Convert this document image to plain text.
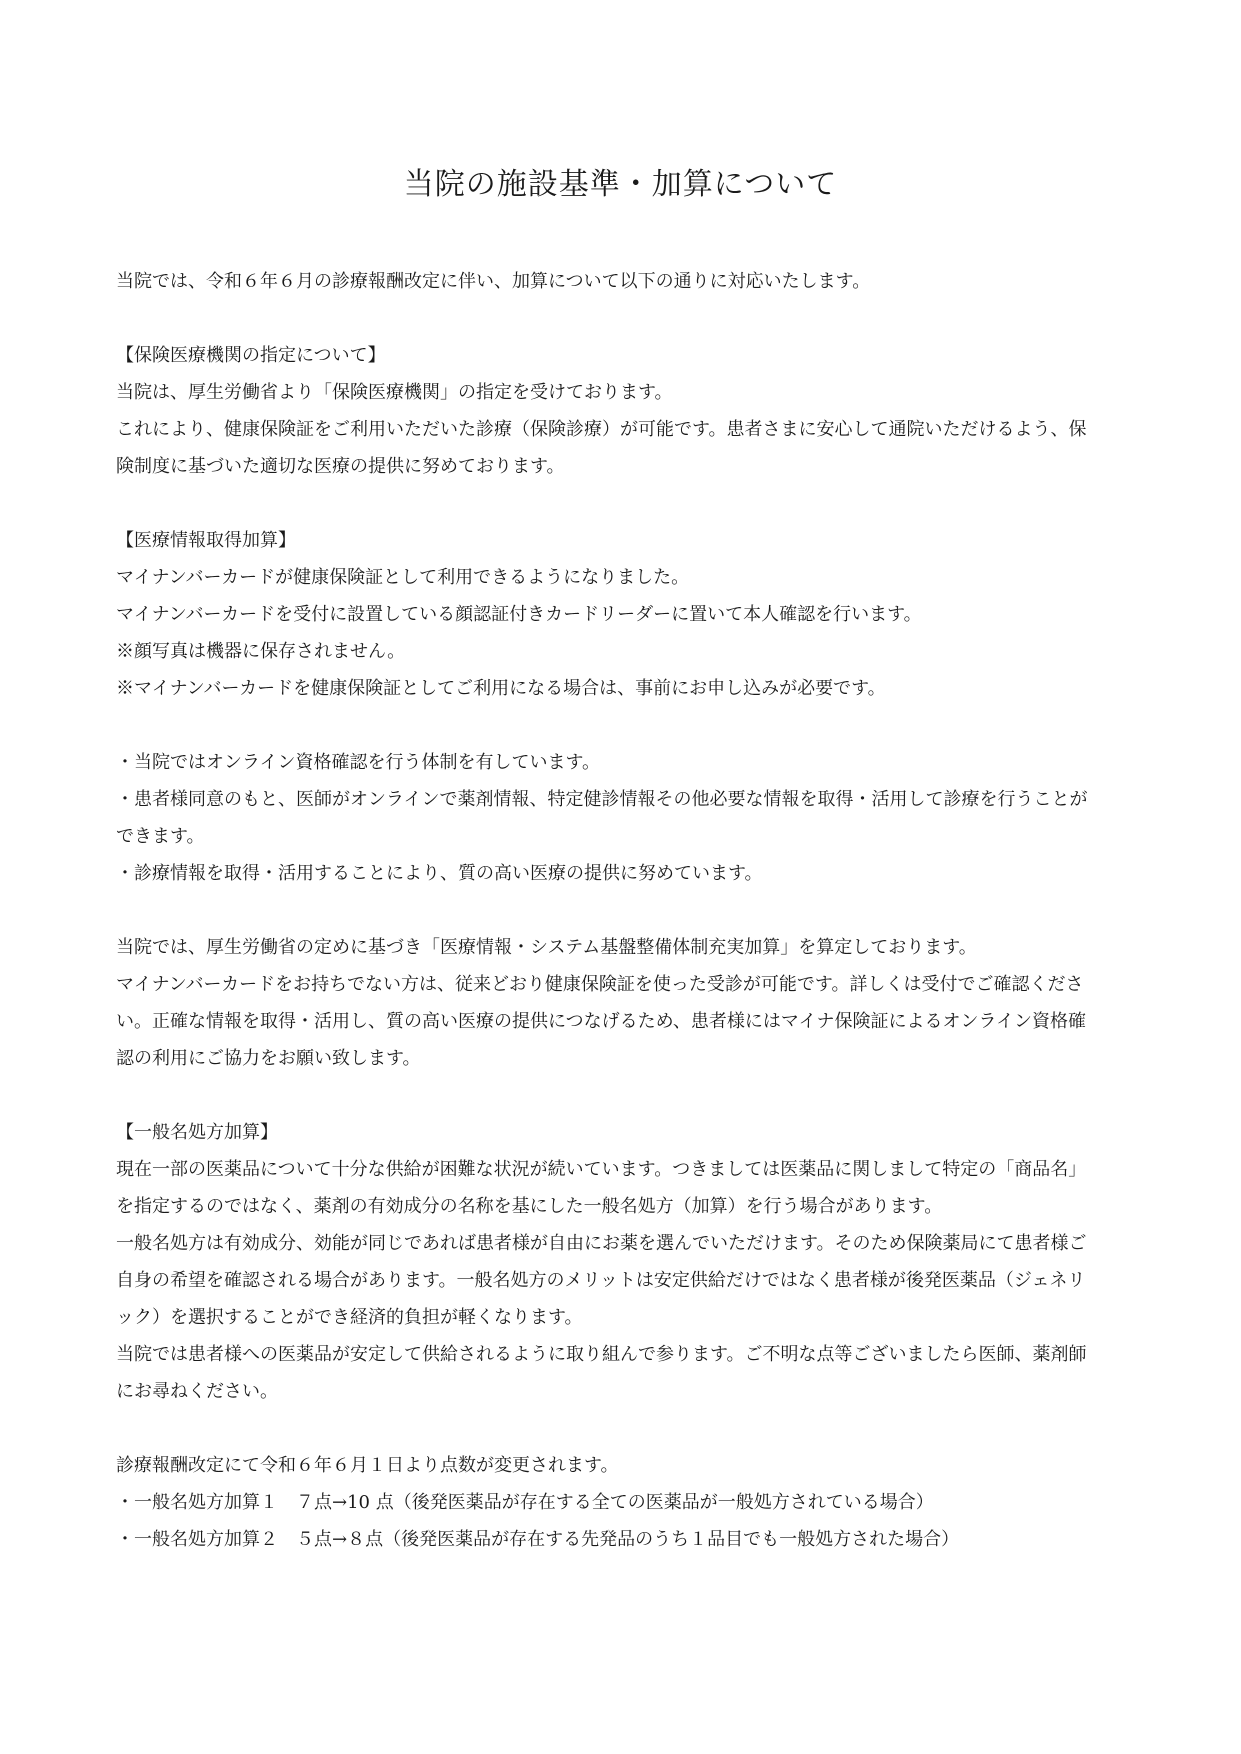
当院の施設基準・加算について
当院では、令和６年６月の診療報酬改定に伴い、加算について以下の通りに対応いたします。
【保険医療機関の指定について】
当院は、厚生労働省より「保険医療機関」の指定を受けております。
これにより、健康保険証をご利用いただいた診療（保険診療）が可能です。患者さまに安心して通院いただけるよう、保
険制度に基づいた適切な医療の提供に努めております。
【医療情報取得加算】
マイナンバーカードが健康保険証として利用できるようになりました。
マイナンバーカードを受付に設置している顔認証付きカードリーダーに置いて本人確認を行います。
※顔写真は機器に保存されません。
※マイナンバーカードを健康保険証としてご利用になる場合は、事前にお申し込みが必要です。
・当院ではオンライン資格確認を行う体制を有しています。
・患者様同意のもと、医師がオンラインで薬剤情報、特定健診情報その他必要な情報を取得・活用して診療を行うことが
できます。
・診療情報を取得・活用することにより、質の高い医療の提供に努めています。
当院では、厚生労働省の定めに基づき「医療情報・システム基盤整備体制充実加算」を算定しております。
マイナンバーカードをお持ちでない方は、従来どおり健康保険証を使った受診が可能です。詳しくは受付でご確認くださ
い。正確な情報を取得・活用し、質の高い医療の提供につなげるため、患者様にはマイナ保険証によるオンライン資格確
認の利用にご協力をお願い致します。
【一般名処方加算】
現在一部の医薬品について十分な供給が困難な状況が続いています。つきましては医薬品に関しまして特定の「商品名」
を指定するのではなく、薬剤の有効成分の名称を基にした一般名処方（加算）を行う場合があります。
一般名処方は有効成分、効能が同じであれば患者様が自由にお薬を選んでいただけます。そのため保険薬局にて患者様ご
自身の希望を確認される場合があります。一般名処方のメリットは安定供給だけではなく患者様が後発医薬品（ジェネリ
ック）を選択することができ経済的負担が軽くなります。
当院では患者様への医薬品が安定して供給されるように取り組んで参ります。ご不明な点等ございましたら医師、薬剤師
にお尋ねください。
診療報酬改定にて令和６年６月１日より点数が変更されます。
・一般名処方加算１　７点→10 点（後発医薬品が存在する全ての医薬品が一般処方されている場合）
・一般名処方加算２　５点→８点（後発医薬品が存在する先発品のうち１品目でも一般処方された場合）
